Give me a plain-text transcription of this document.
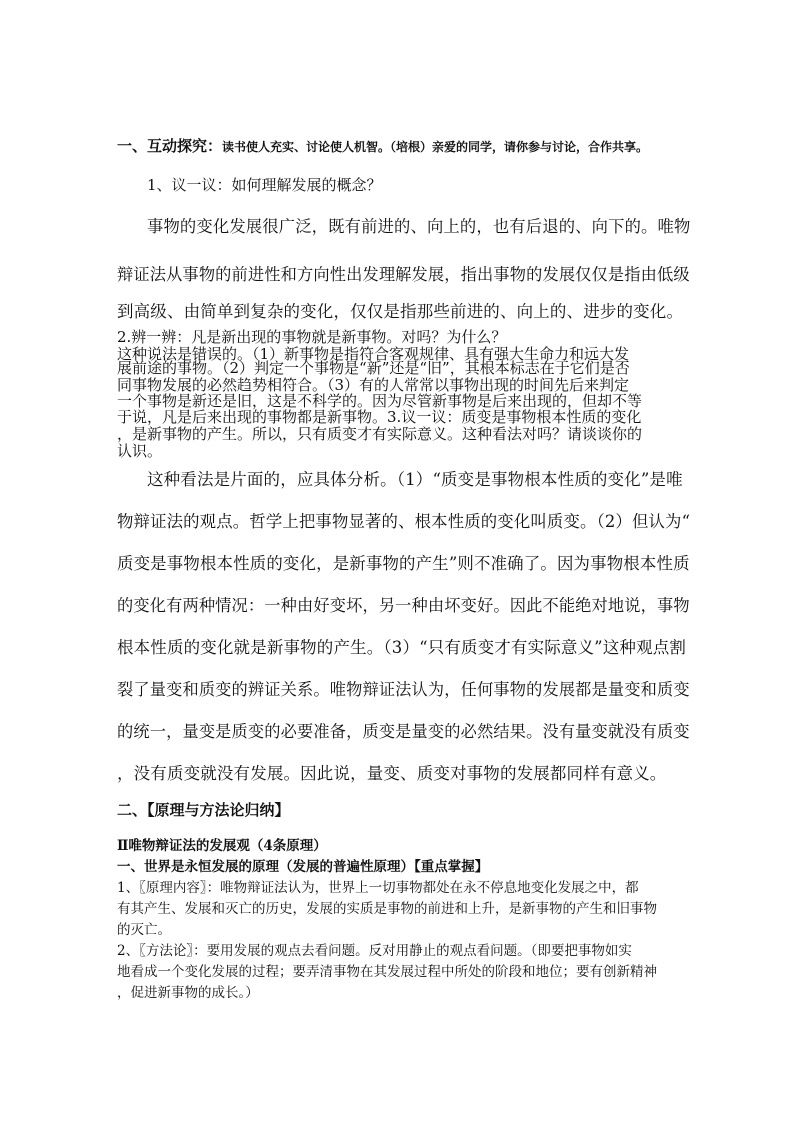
一、互动探究：读书使人充实、讨论使人机智。（培根）亲爱的同学，请你参与讨论，合作共享。
1、议一议：如何理解发展的概念？
事物的变化发展很广泛，既有前进的、向上的，也有后退的、向下的。唯物
辩证法从事物的前进性和方向性出发理解发展，指出事物的发展仅仅是指由低级
到高级、由简单到复杂的变化，仅仅是指那些前进的、向上的、进步的变化。
2.辨一辨：凡是新出现的事物就是新事物。对吗？为什么？
这种说法是错误的。（1）新事物是指符合客观规律、具有强大生命力和远大发
展前途的事物。（2）判定一个事物是“新”还是“旧”，其根本标志在于它们是否
同事物发展的必然趋势相符合。（3）有的人常常以事物出现的时间先后来判定
一个事物是新还是旧，这是不科学的。因为尽管新事物是后来出现的，但却不等
于说，凡是后来出现的事物都是新事物。3.议一议：质变是事物根本性质的变化
，是新事物的产生。所以，只有质变才有实际意义。这种看法对吗？请谈谈你的
认识。
这种看法是片面的，应具体分析。（1）“质变是事物根本性质的变化”是唯
物辩证法的观点。哲学上把事物显著的、根本性质的变化叫质变。（2）但认为“
质变是事物根本性质的变化，是新事物的产生”则不准确了。因为事物根本性质
的变化有两种情况：一种由好变坏，另一种由坏变好。因此不能绝对地说，事物
根本性质的变化就是新事物的产生。（3）“只有质变才有实际意义”这种观点割
裂了量变和质变的辨证关系。唯物辩证法认为，任何事物的发展都是量变和质变
的统一，量变是质变的必要准备，质变是量变的必然结果。没有量变就没有质变
，没有质变就没有发展。因此说，量变、质变对事物的发展都同样有意义。
二、【原理与方法论归纳】
Ⅱ唯物辩证法的发展观（4条原理）
一、世界是永恒发展的原理（发展的普遍性原理）【重点掌握】
1、〖原理内容〗：唯物辩证法认为，世界上一切事物都处在永不停息地变化发展之中，都
有其产生、发展和灭亡的历史，发展的实质是事物的前进和上升，是新事物的产生和旧事物
的灭亡。
2、〖方法论〗：要用发展的观点去看问题。反对用静止的观点看问题。（即要把事物如实
地看成一个变化发展的过程；要弄清事物在其发展过程中所处的阶段和地位；要有创新精神
，促进新事物的成长。）
